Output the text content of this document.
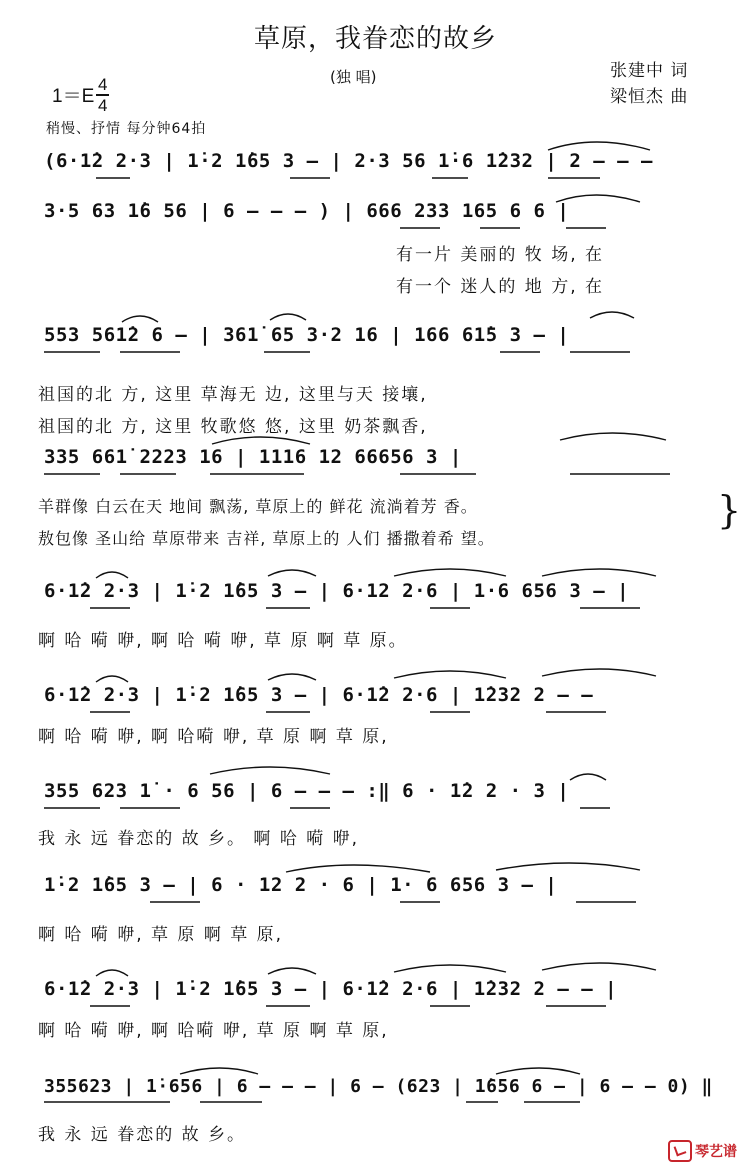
草原，我眷恋的故乡
(独 唱)	张建中 词
梁恒杰 曲
$1=E \frac{4}{4}$
稍慢、抒情 每分钟64拍
(6·1̇2 2·3 | 1̇·2 1̇65 3 — | 2·3 56 1̇·6 1̇232 | 2 — — —
3·5 63 1̇6 56 | 6 — — — ) | 666 233 165 6 6 |
有一片 美丽的 牧 场, 在
有一个 迷人的 地 方, 在
553 561̇2 6 — | 361̇ 65 3·2 16 | 166 61̇5 3 — |
祖国的北 方, 这里 草海无 边, 这里与天 接壤,
祖国的北 方, 这里 牧歌悠 悠, 这里 奶茶飘香,
335 661̇ 2223 16 | 1116 12 66656 3 |
羊群像 白云在天 地间 飘荡, 草原上的 鲜花 流淌着芳 香。
敖包像 圣山给 草原带来 吉祥, 草原上的 人们 播撒着希 望。
}
6·1̇2 2·3 | 1̇·2 1̇65 3 — | 6·12 2·6 | 1·6 656 3 — |
啊 哈 嗬 咿, 啊 哈 嗬 咿, 草 原 啊 草 原。
6·1̇2 2·3 | 1̇·2 1̇65 3 — | 6·1̇2 2·6 | 1̇232 2 — —
啊 哈 嗬 咿, 啊 哈嗬 咿, 草 原 啊 草 原,
355 623 1̇ · 6 56 | 6 — — — :‖ 6 · 1̇2 2 · 3 |
我 永 远 眷恋的 故 乡。 啊 哈 嗬 咿,
1̇·2 1̇65 3 — | 6 · 12 2 · 6 | 1· 6 656 3 — |
啊 哈 嗬 咿, 草 原 啊 草 原,
6·1̇2 2·3 | 1̇·2 1̇65 3 — | 6·1̇2 2·6 | 1̇232 2 — — |
啊 哈 嗬 咿, 啊 哈嗬 咿, 草 原 啊 草 原,
355623 | 1̇·656 | 6 — — — | 6 — (623 | 1̇656 6 — | 6 — — 0) ‖
我 永 远 眷恋的 故 乡。
琴艺谱
